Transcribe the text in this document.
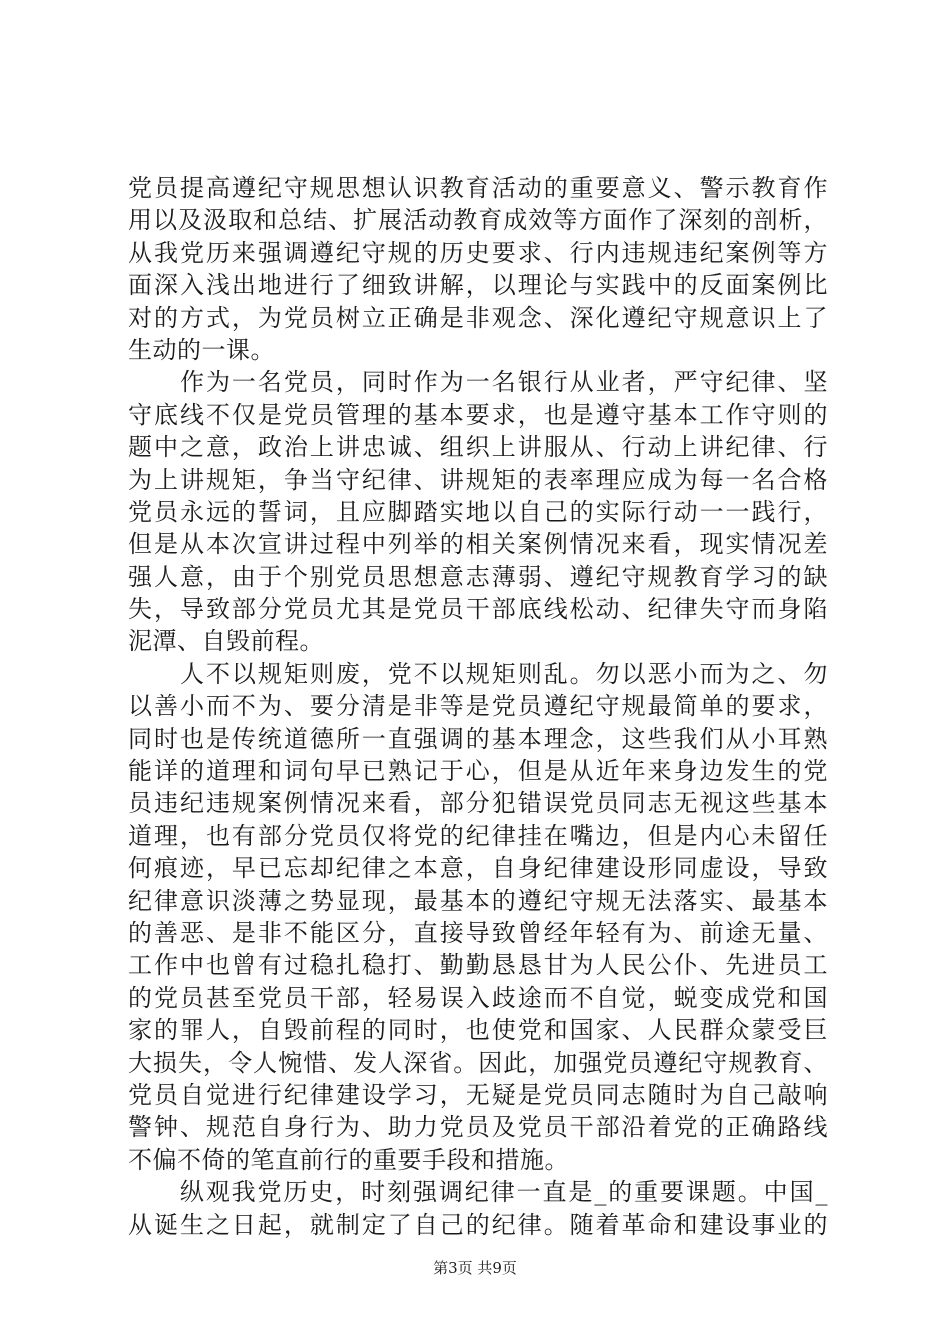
党员提高遵纪守规思想认识教育活动的重要意义、警示教育作
用以及汲取和总结、扩展活动教育成效等方面作了深刻的剖析，
从我党历来强调遵纪守规的历史要求、行内违规违纪案例等方
面深入浅出地进行了细致讲解，以理论与实践中的反面案例比
对的方式，为党员树立正确是非观念、深化遵纪守规意识上了
生动的一课。
　　作为一名党员，同时作为一名银行从业者，严守纪律、坚
守底线不仅是党员管理的基本要求，也是遵守基本工作守则的
题中之意，政治上讲忠诚、组织上讲服从、行动上讲纪律、行
为上讲规矩，争当守纪律、讲规矩的表率理应成为每一名合格
党员永远的誓词，且应脚踏实地以自己的实际行动一一践行，
但是从本次宣讲过程中列举的相关案例情况来看，现实情况差
强人意，由于个别党员思想意志薄弱、遵纪守规教育学习的缺
失，导致部分党员尤其是党员干部底线松动、纪律失守而身陷
泥潭、自毁前程。
　　人不以规矩则废，党不以规矩则乱。勿以恶小而为之、勿
以善小而不为、要分清是非等是党员遵纪守规最简单的要求，
同时也是传统道德所一直强调的基本理念，这些我们从小耳熟
能详的道理和词句早已熟记于心，但是从近年来身边发生的党
员违纪违规案例情况来看，部分犯错误党员同志无视这些基本
道理，也有部分党员仅将党的纪律挂在嘴边，但是内心未留任
何痕迹，早已忘却纪律之本意，自身纪律建设形同虚设，导致
纪律意识淡薄之势显现，最基本的遵纪守规无法落实、最基本
的善恶、是非不能区分，直接导致曾经年轻有为、前途无量、
工作中也曾有过稳扎稳打、勤勤恳恳甘为人民公仆、先进员工
的党员甚至党员干部，轻易误入歧途而不自觉，蜕变成党和国
家的罪人，自毁前程的同时，也使党和国家、人民群众蒙受巨
大损失，令人惋惜、发人深省。因此，加强党员遵纪守规教育、
党员自觉进行纪律建设学习，无疑是党员同志随时为自己敲响
警钟、规范自身行为、助力党员及党员干部沿着党的正确路线
不偏不倚的笔直前行的重要手段和措施。
　　纵观我党历史，时刻强调纪律一直是_的重要课题。中国_
从诞生之日起，就制定了自己的纪律。随着革命和建设事业的
第3页 共9页
